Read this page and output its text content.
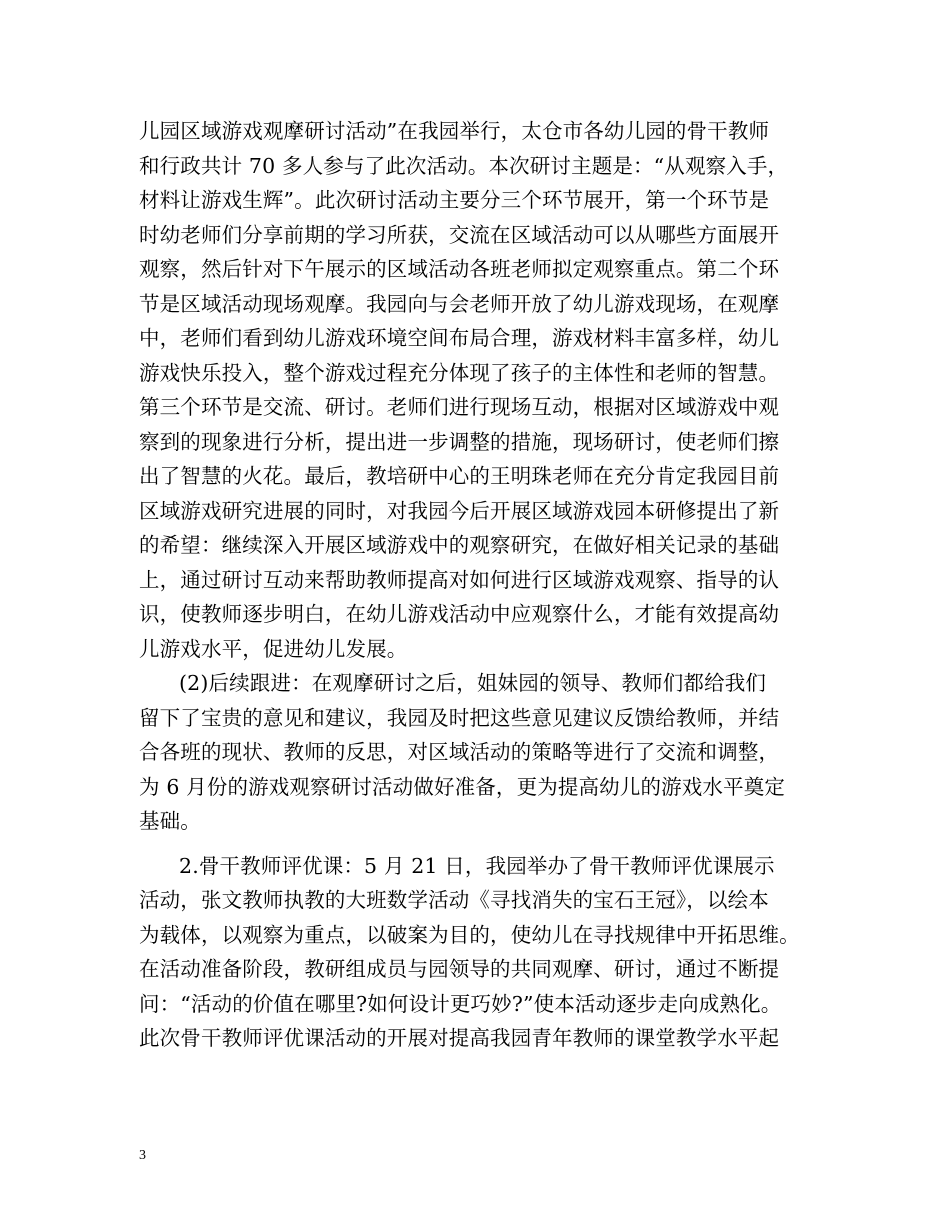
儿园区域游戏观摩研讨活动”在我园举行，太仓市各幼儿园的骨干教师
和行政共计 70 多人参与了此次活动。本次研讨主题是：“从观察入手，
材料让游戏生辉”。此次研讨活动主要分三个环节展开，第一个环节是
时幼老师们分享前期的学习所获，交流在区域活动可以从哪些方面展开
观察，然后针对下午展示的区域活动各班老师拟定观察重点。第二个环
节是区域活动现场观摩。我园向与会老师开放了幼儿游戏现场，在观摩
中，老师们看到幼儿游戏环境空间布局合理，游戏材料丰富多样，幼儿
游戏快乐投入，整个游戏过程充分体现了孩子的主体性和老师的智慧。
第三个环节是交流、研讨。老师们进行现场互动，根据对区域游戏中观
察到的现象进行分析，提出进一步调整的措施，现场研讨，使老师们擦
出了智慧的火花。最后，教培研中心的王明珠老师在充分肯定我园目前
区域游戏研究进展的同时，对我园今后开展区域游戏园本研修提出了新
的希望：继续深入开展区域游戏中的观察研究，在做好相关记录的基础
上，通过研讨互动来帮助教师提高对如何进行区域游戏观察、指导的认
识，使教师逐步明白，在幼儿游戏活动中应观察什么，才能有效提高幼
儿游戏水平，促进幼儿发展。
(2)后续跟进：在观摩研讨之后，姐妹园的领导、教师们都给我们
留下了宝贵的意见和建议，我园及时把这些意见建议反馈给教师，并结
合各班的现状、教师的反思，对区域活动的策略等进行了交流和调整，
为 6 月份的游戏观察研讨活动做好准备，更为提高幼儿的游戏水平奠定
基础。
2.骨干教师评优课：5 月 21 日，我园举办了骨干教师评优课展示
活动，张文教师执教的大班数学活动《寻找消失的宝石王冠》，以绘本
为载体，以观察为重点，以破案为目的，使幼儿在寻找规律中开拓思维。
在活动准备阶段，教研组成员与园领导的共同观摩、研讨，通过不断提
问：“活动的价值在哪里?如何设计更巧妙?”使本活动逐步走向成熟化。
此次骨干教师评优课活动的开展对提高我园青年教师的课堂教学水平起
3
